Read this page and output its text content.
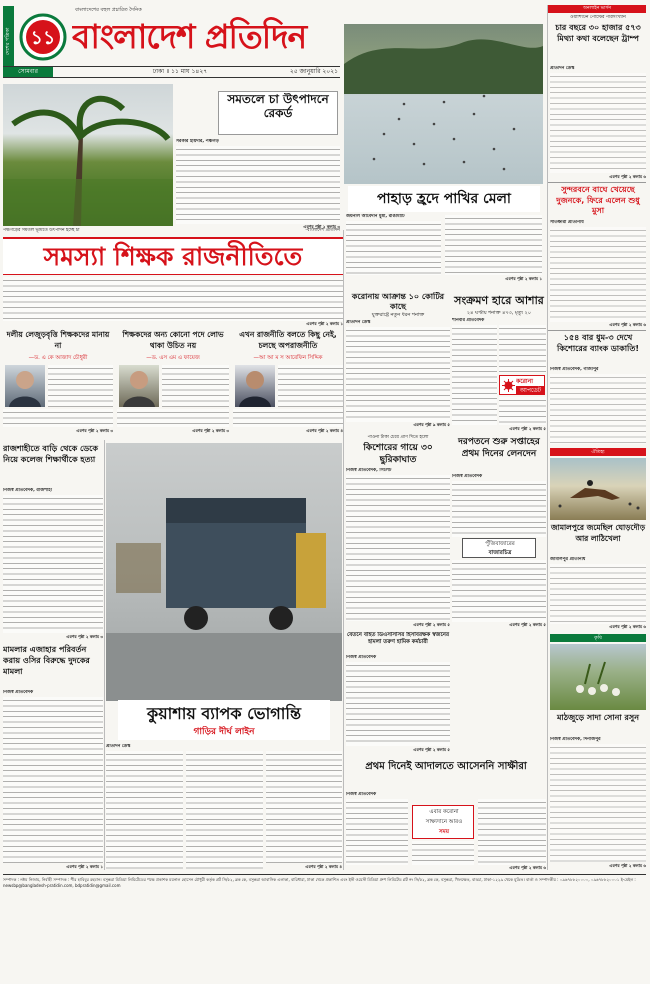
দেশের পত্রিকা ১১
বাংলাদেশের বহুল প্রচারিত দৈনিক
বাংলাদেশ প্রতিদিন
সোমবার	ঢাকা ॥ ১১ মাঘ ১৪২৭	২৫ জানুয়ারি ২০২১
সমতলে চা উৎপাদনে রেকর্ড
সরকার হায়দার, পঞ্চগড়
এরপর পৃষ্ঠা ২ কলাম ৩
পঞ্চগড়ের সমতল ভূমিতে উৎপাদন হচ্ছে চা	-বাংলাদেশ প্রতিদিন
পাহাড় হ্রদে পাখির মেলা
জয়নাল আবেদীন মুন্না, রাঙামাটি
এরপর পৃষ্ঠা ২ কলাম ১
অনলাইন ভার্সন
ওয়াশিংটন পোস্টের পরিসংখ্যান
চার বছরে ৩০ হাজার ৫৭৩ মিথ্যা কথা বলেছেন ট্রাম্প
প্রতিদিন ডেস্ক
এরপর পৃষ্ঠা ২ কলাম ৬
সুন্দরবনে বাঘে খেয়েছে দুজনকে, ফিরে এলেন শুধু মুসা
সাতক্ষীরা প্রতিনিধি
এরপর পৃষ্ঠা ২ কলাম ৬
১৫৪ বার ধুম-৩ দেখে কিশোরের ব্যাংক ডাকাতি!
নিজস্ব প্রতিবেদক, গাজীপুর
সমস্যা শিক্ষক রাজনীতিতে
এরপর পৃষ্ঠা ২ কলাম ১
দলীয় লেজুড়বৃত্তি শিক্ষকদের মানায় না
—ড. এ কে আজাদ চৌধুরী
এরপর পৃষ্ঠা ২ কলাম ৩
শিক্ষকদের অন্য কোনো পদে লোভ থাকা উচিত নয়
—ড. এস এম এ ফায়েজ
এরপর পৃষ্ঠা ২ কলাম ৩
এখন রাজনীতি বলতে কিছু নেই, চলছে অপরাজনীতি
—আ আ ম স আরেফিন সিদ্দিক
এরপর পৃষ্ঠা ২ কলাম ৪
করোনায় আক্রান্ত ১০ কোটির কাছে
যুক্তরাষ্ট্রে নতুন ধরন শনাক্ত
প্রতিদিন ডেস্ক
এরপর পৃষ্ঠা ৯ কলাম ৫
সংক্রমণ হারে আশার
২৪ ঘণ্টায় শনাক্ত ৪৭৩, মৃত্যু ২০
শনিবার প্রতিবেদক
করোনা
আপডেট
এরপর পৃষ্ঠা ২ কলাম ৫
রাজশাহীতে বাড়ি থেকে ডেকে নিয়ে কলেজ শিক্ষার্থীকে হত্যা
নিজস্ব প্রতিবেদক, রাজশাহী
এরপর পৃষ্ঠা ২ কলাম ৩
কুয়াশায় ব্যাপক ভোগান্তি
গাড়ির দীর্ঘ লাইন
প্রতিদিন ডেস্ক
এরপর পৃষ্ঠা ২ কলাম ৪
মামলার এজাহার পরিবর্তন করায় ওসির বিরুদ্ধে দুদকের মামলা
নিজস্ব প্রতিবেদক
এরপর পৃষ্ঠা ২ কলাম ১
পাওনা টাকা চেয়ে প্রাণ দিতে হলো
কিশোরের গায়ে ৩০ ছুরিকাঘাত
নিজস্ব প্রতিবেদক, সিলেট
এরপর পৃষ্ঠা ২ কলাম ৫
দরপতনে শুরু সপ্তাহের প্রথম দিনের লেনদেন
নিজস্ব প্রতিবেদক
পুঁজিবাজারের
বাজারচিত্র
এরপর পৃষ্ঠা ২ কলাম ৫
বেতনে বহিত ডিএসসিসির হিসাবরক্ষক স্বজনের হামলা তরুণ হামিক কর্মচারী
নিজস্ব প্রতিবেদক
এরপর পৃষ্ঠা ২ কলাম ৫
প্রথম দিনেই আদালতে আসেননি সাক্ষীরা
নিজস্ব প্রতিবেদক
এবার করোনা
সাক্ষ্যদানে আরও
সময়
এরপর পৃষ্ঠা ২ কলাম ৬
ঐতিহ্য
জামালপুরে জমেছিল ঘোড়দৌড় আর লাঠিখেলা
জামালপুর প্রতিনিধি
এরপর পৃষ্ঠা ২ কলাম ৬
কৃষি
মাঠজুড়ে সাদা সোনা রসুন
নিজস্ব প্রতিবেদক, দিনাজপুর
এরপর পৃষ্ঠা ২ কলাম ৬
সম্পাদক : নঈম নিজাম, নির্বাহী সম্পাদক : পীর হাবিবুর রহমান। বসুন্ধরা মিডিয়া লিমিটেডের পক্ষে প্রকাশক ময়নাল হোসেন চৌধুরী কর্তৃক প্লট সি/৫২, ব্লক কে, বসুন্ধরা আবাসিক এলাকা, বারিধারা, ঢাকা থেকে প্রকাশিত এবং ইস্ট ওয়েস্ট মিডিয়া গ্রুপ লিমিটেড প্লট নং সি/৫২, ব্লক কে, বসুন্ধরা, খিলক্ষেত, বাড্ডা, ঢাকা-১২২৯ থেকে মুদ্রিত। বার্তা ও সম্পাদকীয় : ০৯৬৭৮৮২০০০০, ০৯৬৭৮৮২০০০১ ই-মেইল : newsbp@bangladesh-pratidin.com, bdpratidin@gmail.com
